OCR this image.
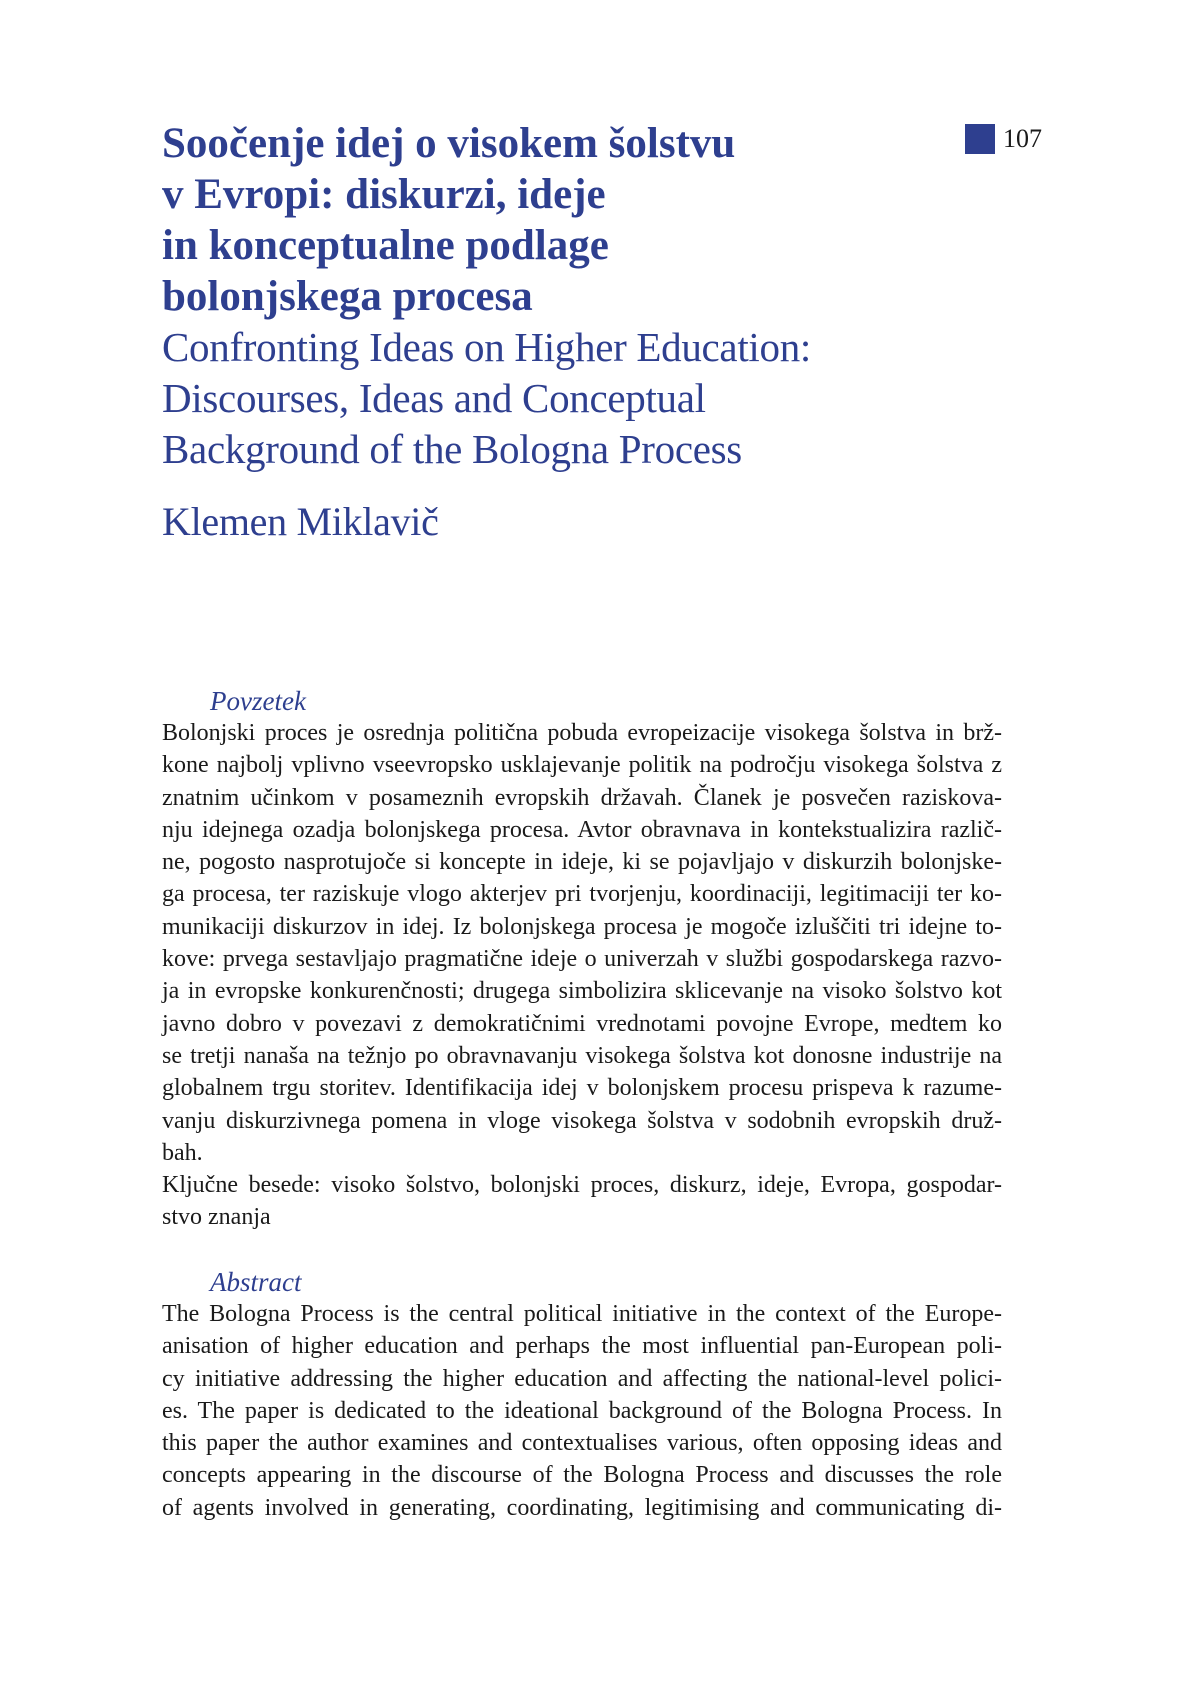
107
Soočenje idej o visokem šolstvu
v Evropi: diskurzi, ideje
in konceptualne podlage
bolonjskega procesa
Confronting Ideas on Higher Education:
Discourses, Ideas and Conceptual
Background of the Bologna Process
Klemen Miklavič
Povzetek
Bolonjski proces je osrednja politična pobuda evropeizacije visokega šolstva in brž-
kone najbolj vplivno vseevropsko usklajevanje politik na področju visokega šolstva z
znatnim učinkom v posameznih evropskih državah. Članek je posvečen raziskova-
nju idejnega ozadja bolonjskega procesa. Avtor obravnava in kontekstualizira različ-
ne, pogosto nasprotujoče si koncepte in ideje, ki se pojavljajo v diskurzih bolonjske-
ga procesa, ter raziskuje vlogo akterjev pri tvorjenju, koordinaciji, legitimaciji ter ko-
munikaciji diskurzov in idej. Iz bolonjskega procesa je mogoče izluščiti tri idejne to-
kove: prvega sestavljajo pragmatične ideje o univerzah v službi gospodarskega razvo-
ja in evropske konkurenčnosti; drugega simbolizira sklicevanje na visoko šolstvo kot
javno dobro v povezavi z demokratičnimi vrednotami povojne Evrope, medtem ko
se tretji nanaša na težnjo po obravnavanju visokega šolstva kot donosne industrije na
globalnem trgu storitev. Identifikacija idej v bolonjskem procesu prispeva k razume-
vanju diskurzivnega pomena in vloge visokega šolstva v sodobnih evropskih druž-
bah.
Ključne besede: visoko šolstvo, bolonjski proces, diskurz, ideje, Evropa, gospodar-
stvo znanja
Abstract
The Bologna Process is the central political initiative in the context of the Europe-
anisation of higher education and perhaps the most influential pan-European poli-
cy initiative addressing the higher education and affecting the national-level polici-
es. The paper is dedicated to the ideational background of the Bologna Process. In
this paper the author examines and contextualises various, often opposing ideas and
concepts appearing in the discourse of the Bologna Process and discusses the role
of agents involved in generating, coordinating, legitimising and communicating di-
